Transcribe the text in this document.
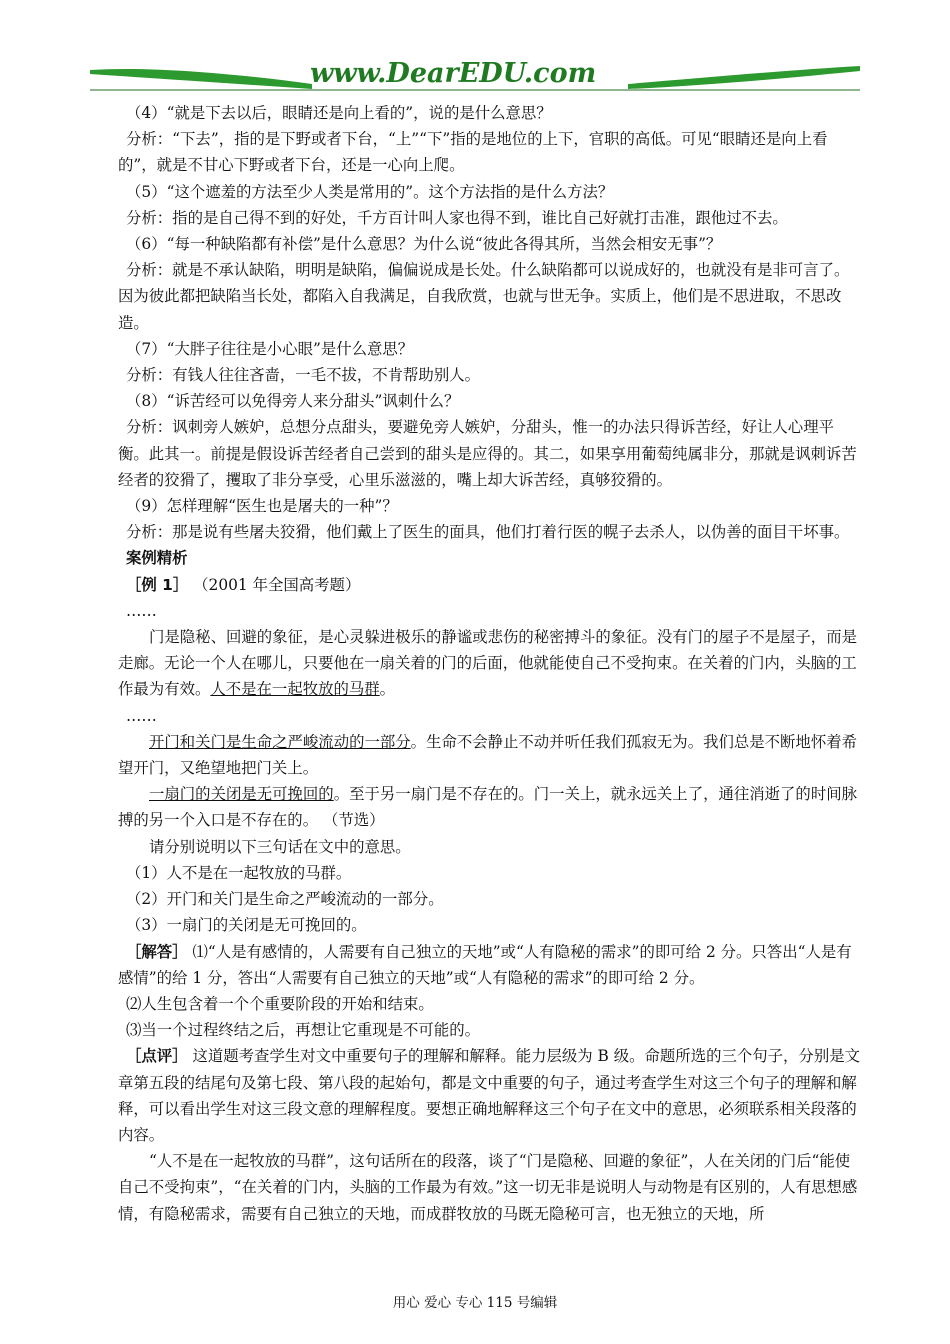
www.DearEDU.com

（4）“就是下去以后，眼睛还是向上看的”，说的是什么意思？

分析：“下去”，指的是下野或者下台，“上”“下”指的是地位的上下，官职的高低。可见“眼睛还是向上看的”，就是不甘心下野或者下台，还是一心向上爬。

（5）“这个遮羞的方法至少人类是常用的”。这个方法指的是什么方法？

分析：指的是自己得不到的好处，千方百计叫人家也得不到，谁比自己好就打击准，跟他过不去。

（6）“每一种缺陷都有补偿”是什么意思？为什么说“彼此各得其所，当然会相安无事”？

分析：就是不承认缺陷，明明是缺陷，偏偏说成是长处。什么缺陷都可以说成好的，也就没有是非可言了。因为彼此都把缺陷当长处，都陷入自我满足，自我欣赏，也就与世无争。实质上，他们是不思进取，不思改造。

（7）“大胖子往往是小心眼”是什么意思？

分析：有钱人往往吝啬，一毛不拔，不肯帮助别人。

（8）“诉苦经可以免得旁人来分甜头”讽刺什么？

分析：讽刺旁人嫉妒，总想分点甜头，要避免旁人嫉妒，分甜头，惟一的办法只得诉苦经，好让人心理平衡。此其一。前提是假设诉苦经者自己尝到的甜头是应得的。其二，如果享用葡萄纯属非分，那就是讽刺诉苦经者的狡猾了，攫取了非分享受，心里乐滋滋的，嘴上却大诉苦经，真够狡猾的。

（9）怎样理解“医生也是屠夫的一种”？

分析：那是说有些屠夫狡猾，他们戴上了医生的面具，他们打着行医的幌子去杀人，以伪善的面目干坏事。

案例精析

［例 1］ （2001 年全国高考题）

……

门是隐秘、回避的象征，是心灵躲进极乐的静谧或悲伤的秘密搏斗的象征。没有门的屋子不是屋子，而是走廊。无论一个人在哪儿，只要他在一扇关着的门的后面，他就能使自己不受拘束。在关着的门内，头脑的工作最为有效。人不是在一起牧放的马群。

……

开门和关门是生命之严峻流动的一部分。生命不会静止不动并听任我们孤寂无为。我们总是不断地怀着希望开门，又绝望地把门关上。

一扇门的关闭是无可挽回的。至于另一扇门是不存在的。门一关上，就永远关上了，通往消逝了的时间脉搏的另一个入口是不存在的。 （节选）

请分别说明以下三句话在文中的意思。

（1）人不是在一起牧放的马群。

（2）开门和关门是生命之严峻流动的一部分。

（3）一扇门的关闭是无可挽回的。

［解答］ ⑴“人是有感情的，人需要有自己独立的天地”或“人有隐秘的需求”的即可给 2 分。只答出“人是有感情”的给 1 分，答出“人需要有自己独立的天地”或“人有隐秘的需求”的即可给 2 分。

⑵人生包含着一个个重要阶段的开始和结束。

⑶当一个过程终结之后，再想让它重现是不可能的。

［点评］ 这道题考查学生对文中重要句子的理解和解释。能力层级为 B 级。命题所选的三个句子，分别是文章第五段的结尾句及第七段、第八段的起始句，都是文中重要的句子，通过考查学生对这三个句子的理解和解释，可以看出学生对这三段文意的理解程度。要想正确地解释这三个句子在文中的意思，必须联系相关段落的内容。

“人不是在一起牧放的马群”，这句话所在的段落，谈了“门是隐秘、回避的象征”，人在关闭的门后“能使自己不受拘束”，“在关着的门内，头脑的工作最为有效。”这一切无非是说明人与动物是有区别的，人有思想感情，有隐秘需求，需要有自己独立的天地，而成群牧放的马既无隐秘可言，也无独立的天地，所

用心 爱心 专心 115 号编辑
